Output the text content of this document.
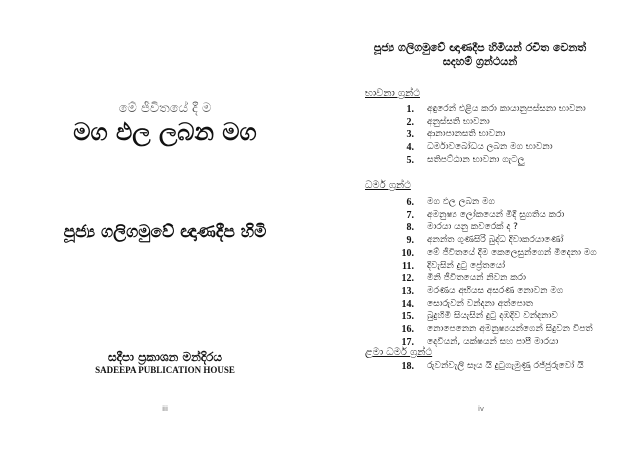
මේ ජීවිතයේ දී ම
මග ඵල ලබන මග
පූජ්‍ය ගලිගමුවේ ඥාණදීප හිමි
සදීපා ප්‍රකාශන මන්දිරය
SADEEPA PUBLICATION HOUSE
iii
පූජ්‍ය ගලිගමුවේ ඥාණදීප හිමියන් රචිත වෙනත්
සදහම් ග්‍රන්ථයන්
භාවනා ග්‍රන්ථ
1. අඳුරෙන් එළිය කරා කායානුපස්සනා භාවනා
2. අනුස්සති භාවනා
3. ආනාපානසති භාවනා
4. ධර්මාවබෝධය ලබන මග භාවනා
5. සතිපට්ඨාන භාවනා ගැටලු
ධර්ම ග්‍රන්ථ
6. මග ඵල ලබන මග
7. අමනුෂ්‍ය ලෝකයෙන් මිදී සුගතිය කරා
8. මාරයා යනු කවරෙක් ද ?
9. අනන්ත ගුණසිරි බුද්ධ දිවාකරයාණෝ
10. මේ ජීවිතයේ දීම කෙලෙසුන්ගෙන් මිදෙනා මග
11. දිවැසින් දුටු ප්‍රේතයෝ
12. මිනි ජීවිතයෙන් නිවන කරා
13. මරණය අභියස අසරණ නොවන මග
14. සොරුවන් වන්දනා අත්පොත
15. බුදුහිමි සියැසින් දුටු දඹදිව වන්දනාව
16. නොපෙනෙන අමනුෂ්‍යයන්ගෙන් සිදුවන විපත්
17. දෙවියන්, යක්ෂයන් සහ පාපී මාරයා
ළමා ධර්ම ග්‍රන්ථ
18. රුවන්වැලි සෑය යි දුටුගැමුණු රජ්ජුරුවෝ යි
iv
